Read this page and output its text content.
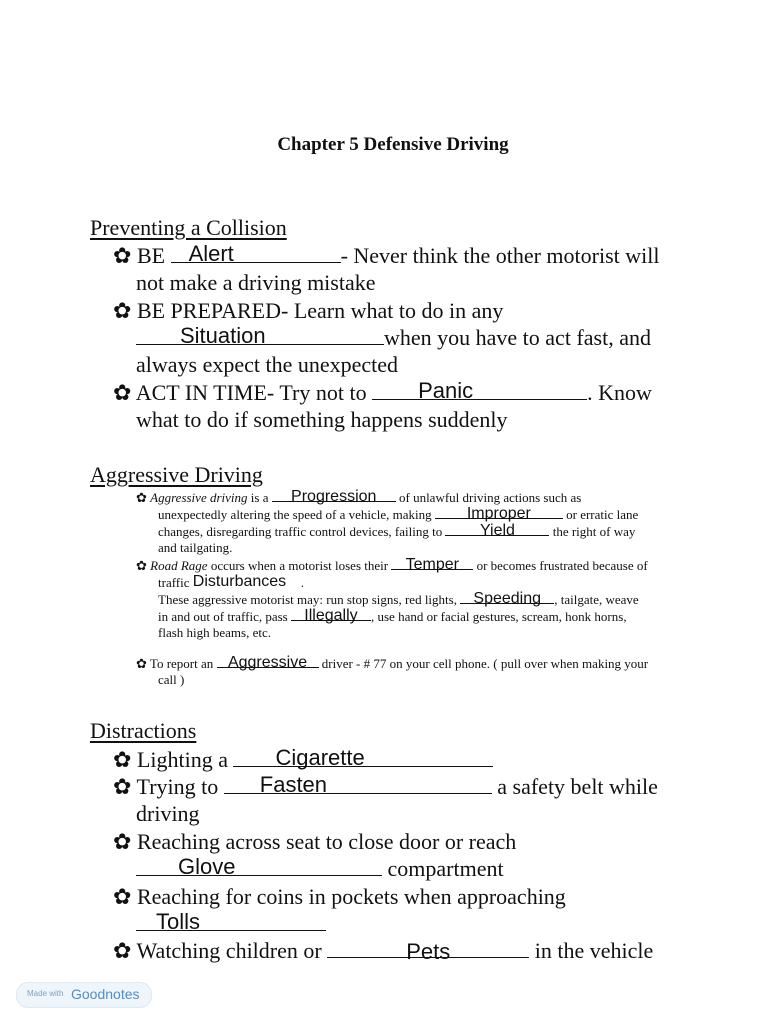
Chapter 5 Defensive Driving
Preventing a Collision
✿ BE Alert	- Never think the other motorist will
not make a driving mistake
✿ BE PREPARED- Learn what to do in any
Situation	when you have to act fast, and
always expect the unexpected
✿ ACT IN TIME- Try not to Panic	. Know
what to do if something happens suddenly
Aggressive Driving
✿ Aggressive driving is a	Progression	of unlawful driving actions such as
unexpectedly altering the speed of a vehicle, making	Improper	or erratic lane
changes, disregarding traffic control devices, failing to	Yield	the right of way
and tailgating.
✿ Road Rage occurs when a motorist loses their	Temper	or becomes frustrated because of
traffic Disturbances	.
These aggressive motorist may: run stop signs, red lights,	Speeding	, tailgate, weave
in and out of traffic, pass	Illegally	, use hand or facial gestures, scream, honk horns,
flash high beams, etc.
✿ To report an Aggressive	driver - # 77 on your cell phone. ( pull over when making your
call )
Distractions
✿ Lighting a Cigarette
✿ Trying to Fasten	a safety belt while
driving
✿ Reaching across seat to close door or reach
Glove	compartment
✿ Reaching for coins in pockets when approaching
Tolls
✿ Watching children or	Pets	in the vehicle
Made with Goodnotes
